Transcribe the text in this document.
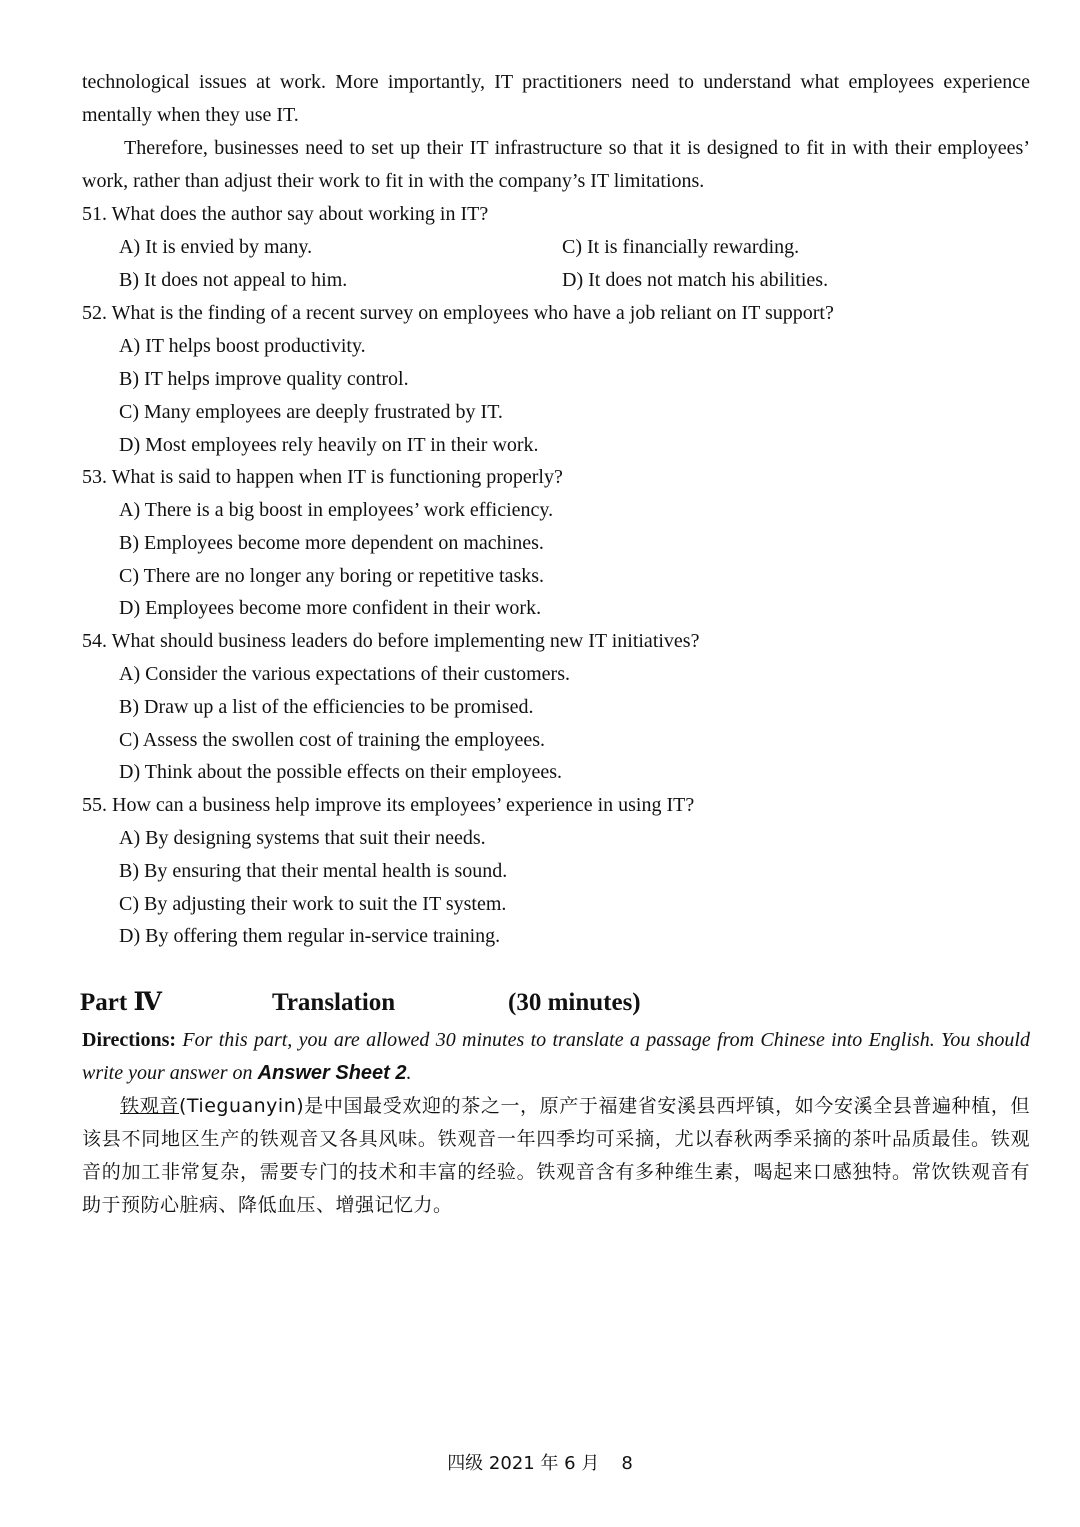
technological issues at work. More importantly, IT practitioners need to understand what employees experience mentally when they use IT.
Therefore, businesses need to set up their IT infrastructure so that it is designed to fit in with their employees’ work, rather than adjust their work to fit in with the company’s IT limitations.
51. What does the author say about working in IT?
A) It is envied by many.	C) It is financially rewarding.
B) It does not appeal to him.	D) It does not match his abilities.
52. What is the finding of a recent survey on employees who have a job reliant on IT support?
A) IT helps boost productivity.
B) IT helps improve quality control.
C) Many employees are deeply frustrated by IT.
D) Most employees rely heavily on IT in their work.
53. What is said to happen when IT is functioning properly?
A) There is a big boost in employees’ work efficiency.
B) Employees become more dependent on machines.
C) There are no longer any boring or repetitive tasks.
D) Employees become more confident in their work.
54. What should business leaders do before implementing new IT initiatives?
A) Consider the various expectations of their customers.
B) Draw up a list of the efficiencies to be promised.
C) Assess the swollen cost of training the employees.
D) Think about the possible effects on their employees.
55. How can a business help improve its employees’ experience in using IT?
A) By designing systems that suit their needs.
B) By ensuring that their mental health is sound.
C) By adjusting their work to suit the IT system.
D) By offering them regular in-service training.
Part Ⅳ	Translation	(30 minutes)
Directions: For this part, you are allowed 30 minutes to translate a passage from Chinese into English. You should write your answer on Answer Sheet 2.
铁观音(Tieguanyin)是中国最受欢迎的茶之一，原产于福建省安溪县西坪镇，如今安溪全县普遍种植，但该县不同地区生产的铁观音又各具风味。铁观音一年四季均可采摘，尤以春秋两季采摘的茶叶品质最佳。铁观音的加工非常复杂，需要专门的技术和丰富的经验。铁观音含有多种维生素，喝起来口感独特。常饮铁观音有助于预防心脏病、降低血压、增强记忆力。
四级 2021 年 6 月 8
